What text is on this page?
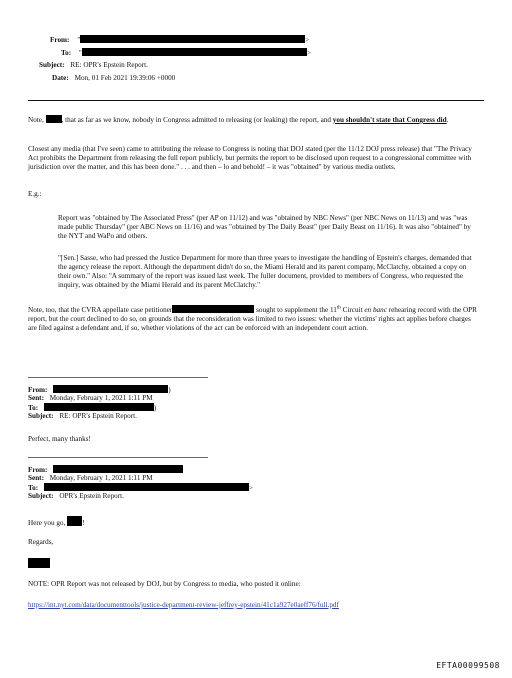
From: "	>
To: "	>
Subject: RE: OPR's Epstein Report.
Date: Mon, 01 Feb 2021 19:39:06 +0000

Note, , that as far as we know, nobody in Congress admitted to releasing (or leaking) the report, and you shouldn't state that Congress did.

Closest any media (that I've seen) came to attributing the release to Congress is noting that DOJ stated (per the 11/12 DOJ press release) that "The Privacy Act prohibits the Department from releasing the full report publicly, but permits the report to be disclosed upon request to a congressional committee with jurisdiction over the matter, and this has been done." . . . and then – lo and behold! – it was "obtained" by various media outlets.

E.g.:

Report was "obtained by The Associated Press" (per AP on 11/12) and was "obtained by NBC News" (per NBC News on 11/13) and was "was made public Thursday" (per ABC News on 11/16) and was "obtained by The Daily Beast" (per Daily Beast on 11/16). It was also "obtained" by the NYT and WaPo and others.

"[Sen.] Sasse, who had pressed the Justice Department for more than three years to investigate the handling of Epstein's charges, demanded that the agency release the report. Although the department didn't do so, the Miami Herald and its parent company, McClatchy, obtained a copy on their own." Also: "A summary of the report was issued last week. The fuller document, provided to members of Congress, who requested the inquiry, was obtained by the Miami Herald and its parent McClatchy."

Note, too, that the CVRA appellate case petitioner	sought to supplement the 11th Circuit en banc rehearing record with the OPR report, but the court declined to do so, on grounds that the reconsideration was limited to two issues: whether the victims' rights act applies before charges are filed against a defendant and, if so, whether violations of the act can be enforced with an independent court action.

From:	)
Sent: Monday, February 1, 2021 1:11 PM
To:	)
Subject: RE: OPR's Epstein Report.

Perfect, many thanks!

From:
Sent: Monday, February 1, 2021 1:11 PM
To:	>
Subject: OPR's Epstein Report.

Here you go, !

Regards,

NOTE: OPR Report was not released by DOJ, but by Congress to media, who posted it online:

https://int.nyt.com/data/documenttools/justice-department-review-jeffrey-epstein/41c1a927e0aeff76/full.pdf
EFTA00099508
